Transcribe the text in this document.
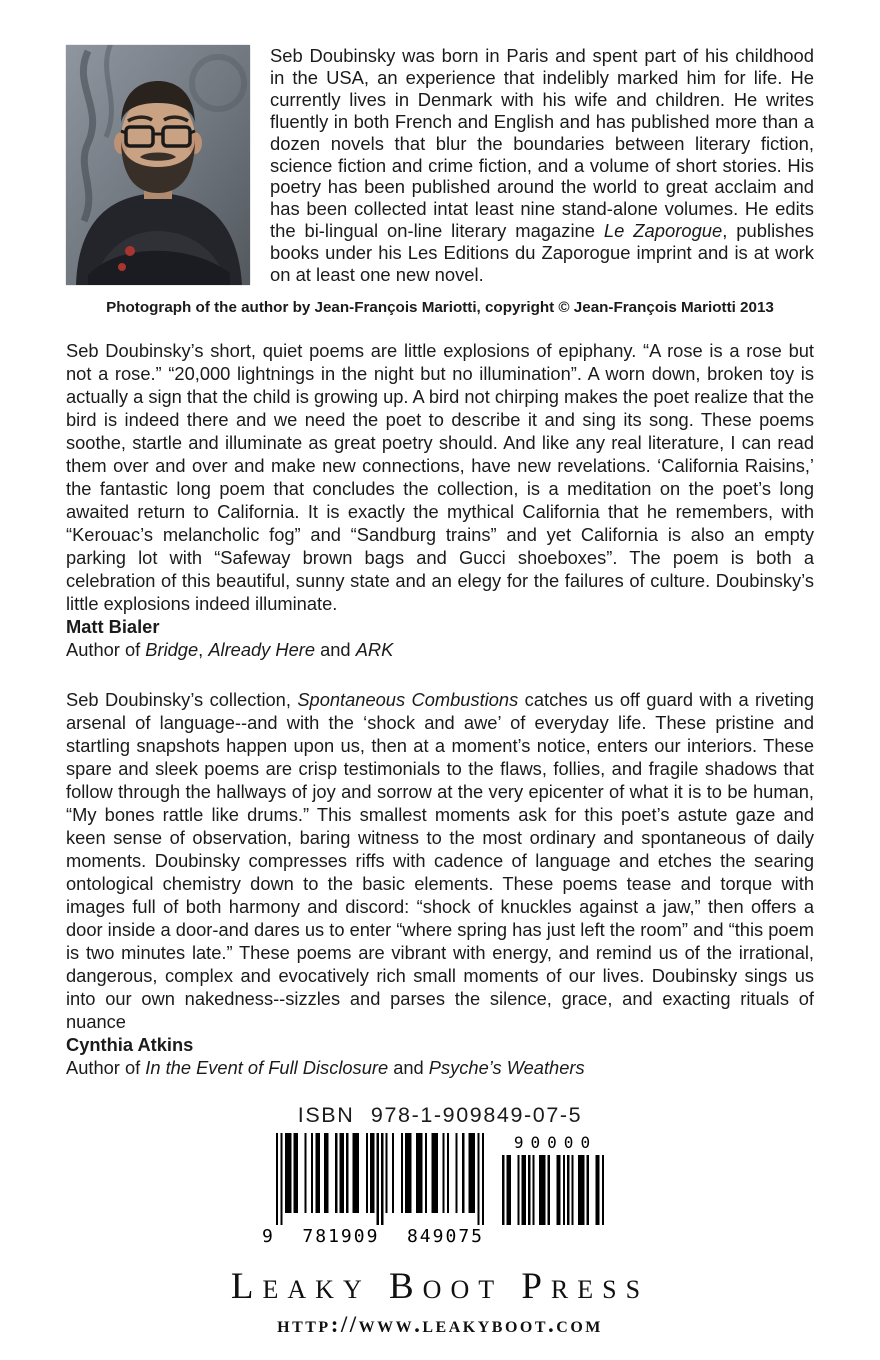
Seb Doubinsky was born in Paris and spent part of his childhood in the USA, an experience that indelibly marked him for life. He currently lives in Denmark with his wife and children. He writes fluently in both French and English and has published more than a dozen novels that blur the boundaries between literary fiction, science fiction and crime fiction, and a volume of short stories. His poetry has been published around the world to great acclaim and has been collected intat least nine stand-alone volumes. He edits the bi-lingual on-line literary magazine Le Zaporogue, publishes books under his Les Editions du Zaporogue imprint and is at work on at least one new novel.

Photograph of the author by Jean-François Mariotti, copyright © Jean-François Mariotti 2013

Seb Doubinsky’s short, quiet poems are little explosions of epiphany. “A rose is a rose but not a rose.” “20,000 lightnings in the night but no illumination”. A worn down, broken toy is actually a sign that the child is growing up. A bird not chirping makes the poet realize that the bird is indeed there and we need the poet to describe it and sing its song. These poems soothe, startle and illuminate as great poetry should. And like any real literature, I can read them over and over and make new connections, have new revelations. ‘California Raisins,’ the fantastic long poem that concludes the collection, is a meditation on the poet’s long awaited return to California. It is exactly the mythical California that he remembers, with “Kerouac’s melancholic fog” and “Sandburg trains” and yet California is also an empty parking lot with “Safeway brown bags and Gucci shoeboxes”. The poem is both a celebration of this beautiful, sunny state and an elegy for the failures of culture. Doubinsky’s little explosions indeed illuminate.

Matt Bialer

Author of Bridge, Already Here and ARK

Seb Doubinsky’s collection, Spontaneous Combustions catches us off guard with a riveting arsenal of language--and with the ‘shock and awe’ of everyday life. These pristine and startling snapshots happen upon us, then at a moment’s notice, enters our interiors. These spare and sleek poems are crisp testimonials to the flaws, follies, and fragile shadows that follow through the hallways of joy and sorrow at the very epicenter of what it is to be human, “My bones rattle like drums.” This smallest moments ask for this poet’s astute gaze and keen sense of observation, baring witness to the most ordinary and spontaneous of daily moments. Doubinsky compresses riffs with cadence of language and etches the searing ontological chemistry down to the basic elements. These poems tease and torque with images full of both harmony and discord: “shock of knuckles against a jaw,” then offers a door inside a door-and dares us to enter “where spring has just left the room” and “this poem is two minutes late.” These poems are vibrant with energy, and remind us of the irrational, dangerous, complex and evocatively rich small moments of our lives. Doubinsky sings us into our own nakedness--sizzles and parses the silence, grace, and exacting rituals of nuance

Cynthia Atkins

Author of In the Event of Full Disclosure and Psyche’s Weathers

ISBN 978-1-909849-07-5
9 781909 849075
90000
Leaky Boot Press
http://www.leakyboot.com
